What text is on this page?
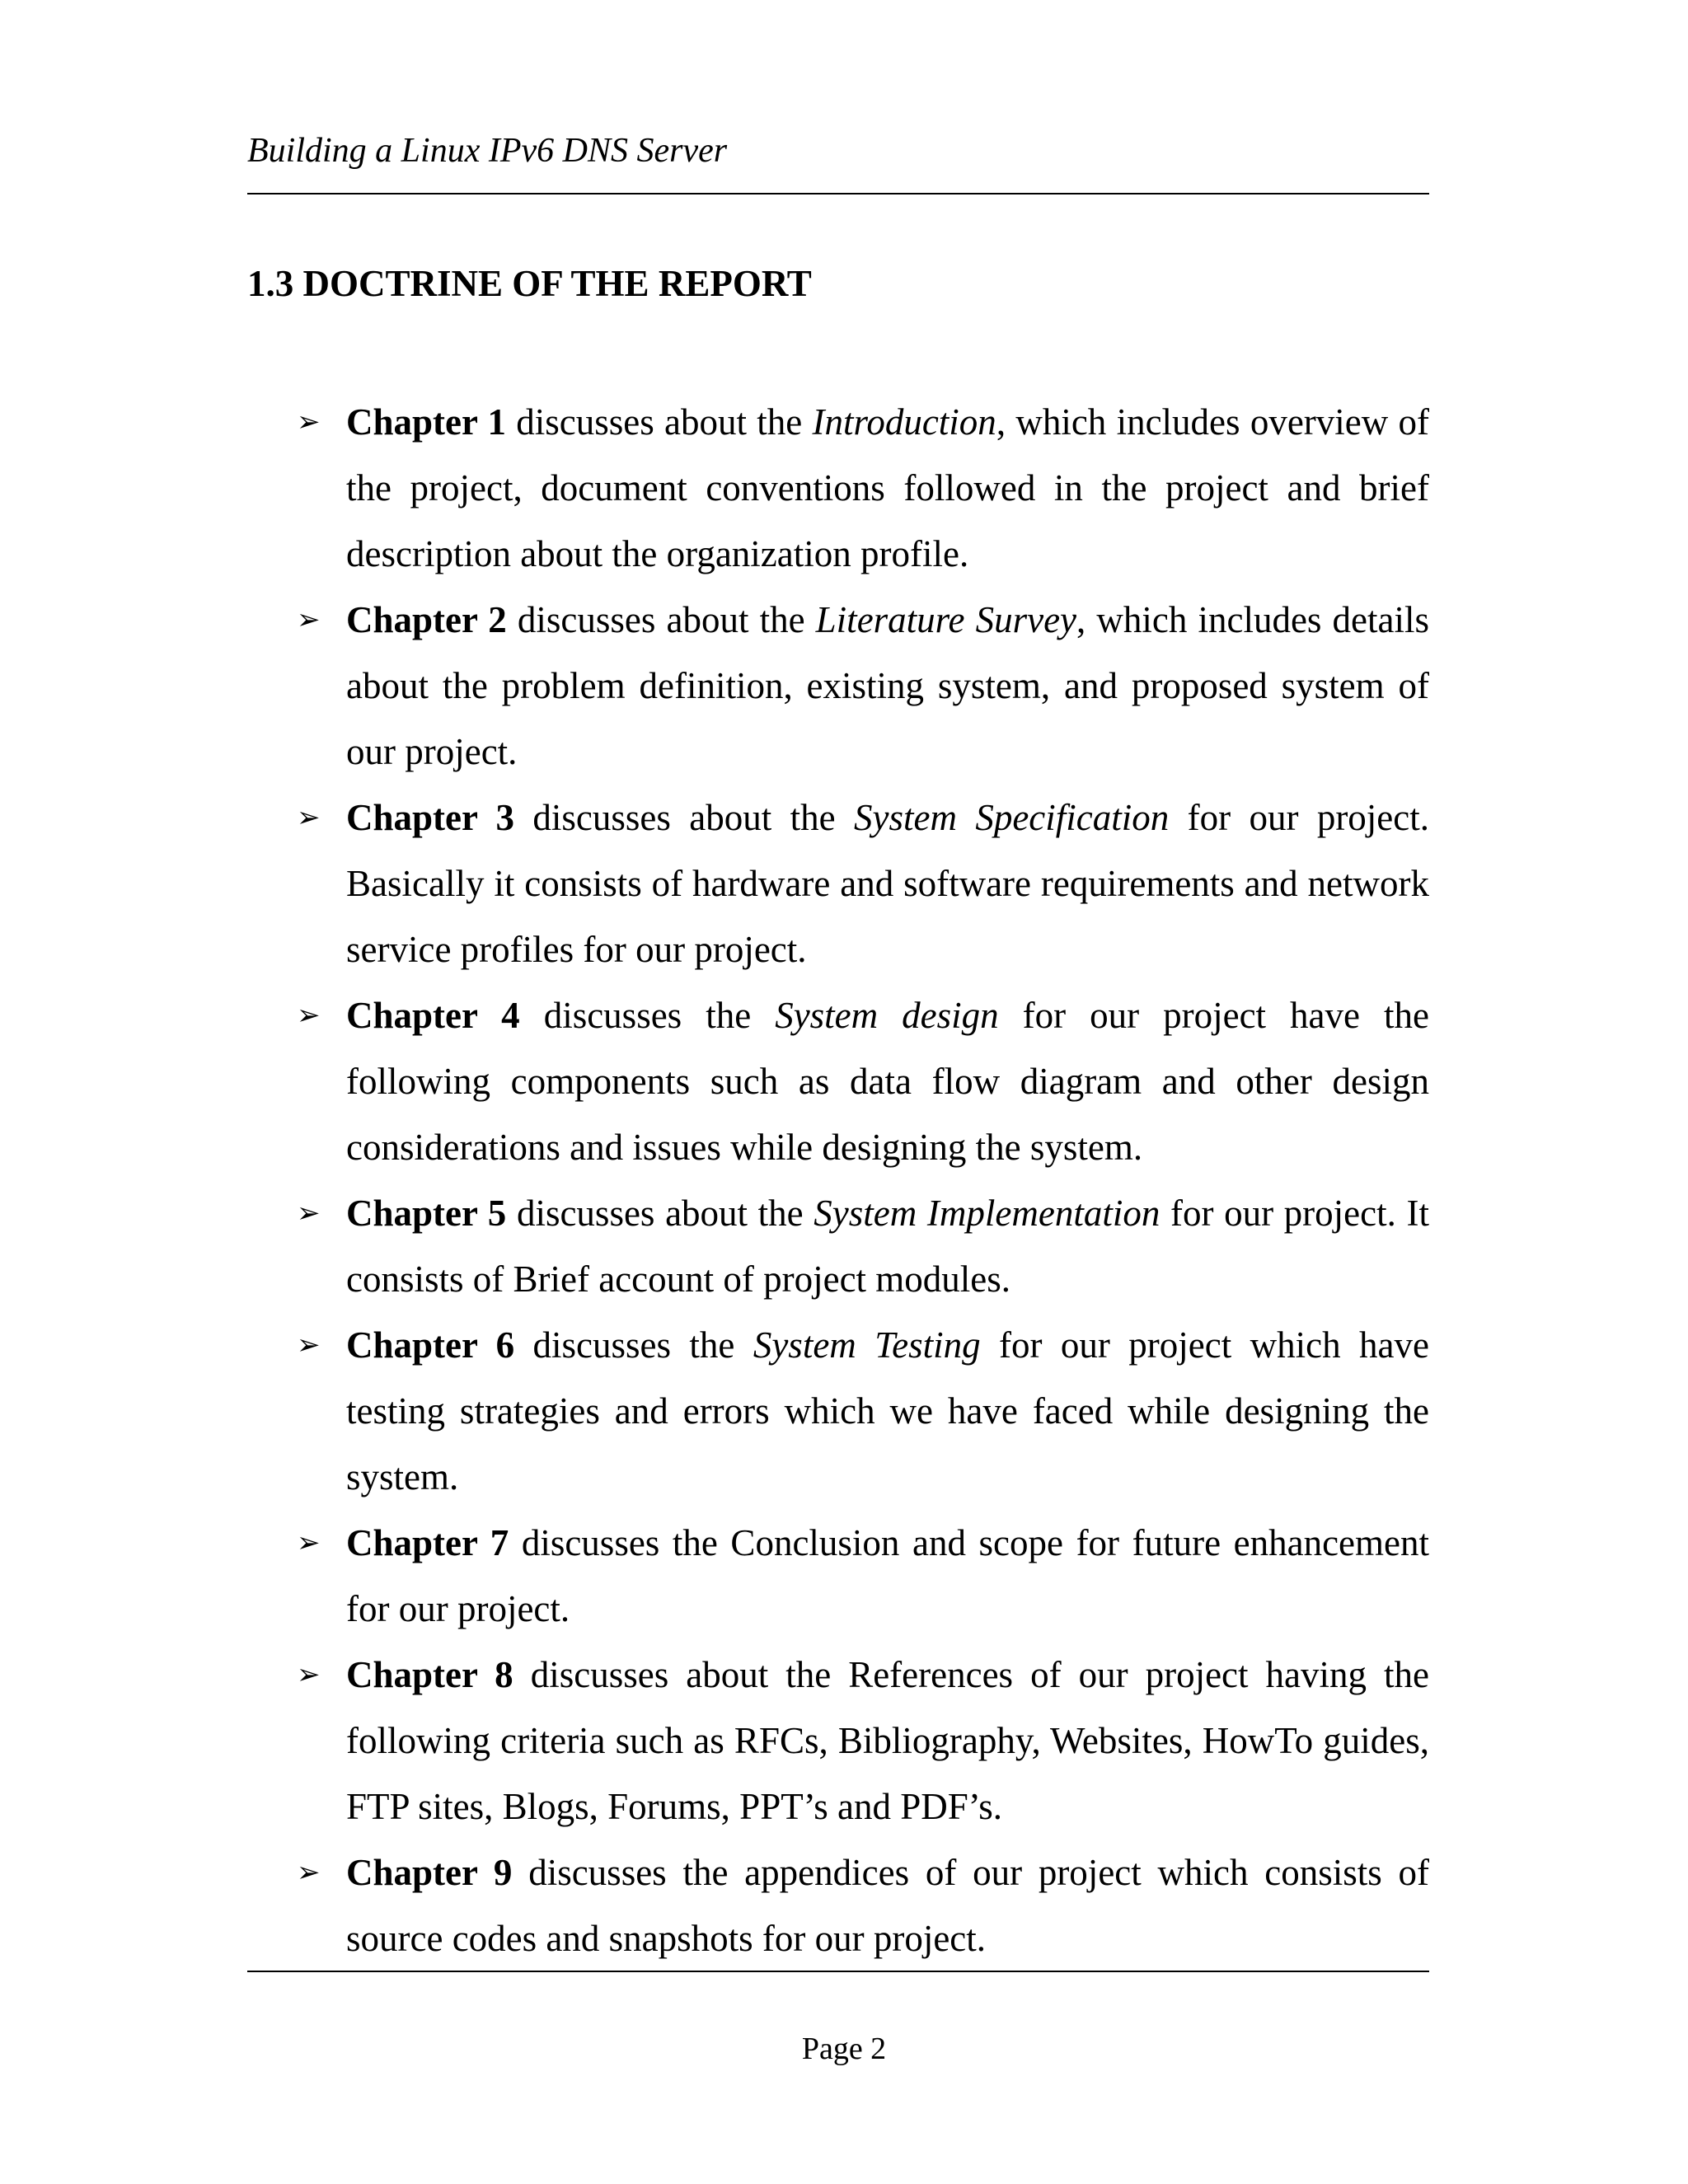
Building a Linux IPv6 DNS Server
1.3 DOCTRINE OF THE REPORT
➢ Chapter 1 discusses about the Introduction, which includes overview of the project, document conventions followed in the project and brief description about the organization profile.
➢ Chapter 2 discusses about the Literature Survey, which includes details about the problem definition, existing system, and proposed system of our project.
➢ Chapter 3 discusses about the System Specification for our project. Basically it consists of hardware and software requirements and network service profiles for our project.
➢ Chapter 4 discusses the System design for our project have the following components such as data flow diagram and other design considerations and issues while designing the system.
➢ Chapter 5 discusses about the System Implementation for our project. It consists of Brief account of project modules.
➢ Chapter 6 discusses the System Testing for our project which have testing strategies and errors which we have faced while designing the system.
➢ Chapter 7 discusses the Conclusion and scope for future enhancement for our project.
➢ Chapter 8 discusses about the References of our project having the following criteria such as RFCs, Bibliography, Websites, HowTo guides, FTP sites, Blogs, Forums, PPT’s and PDF’s.
➢ Chapter 9 discusses the appendices of our project which consists of source codes and snapshots for our project.
Page 2
